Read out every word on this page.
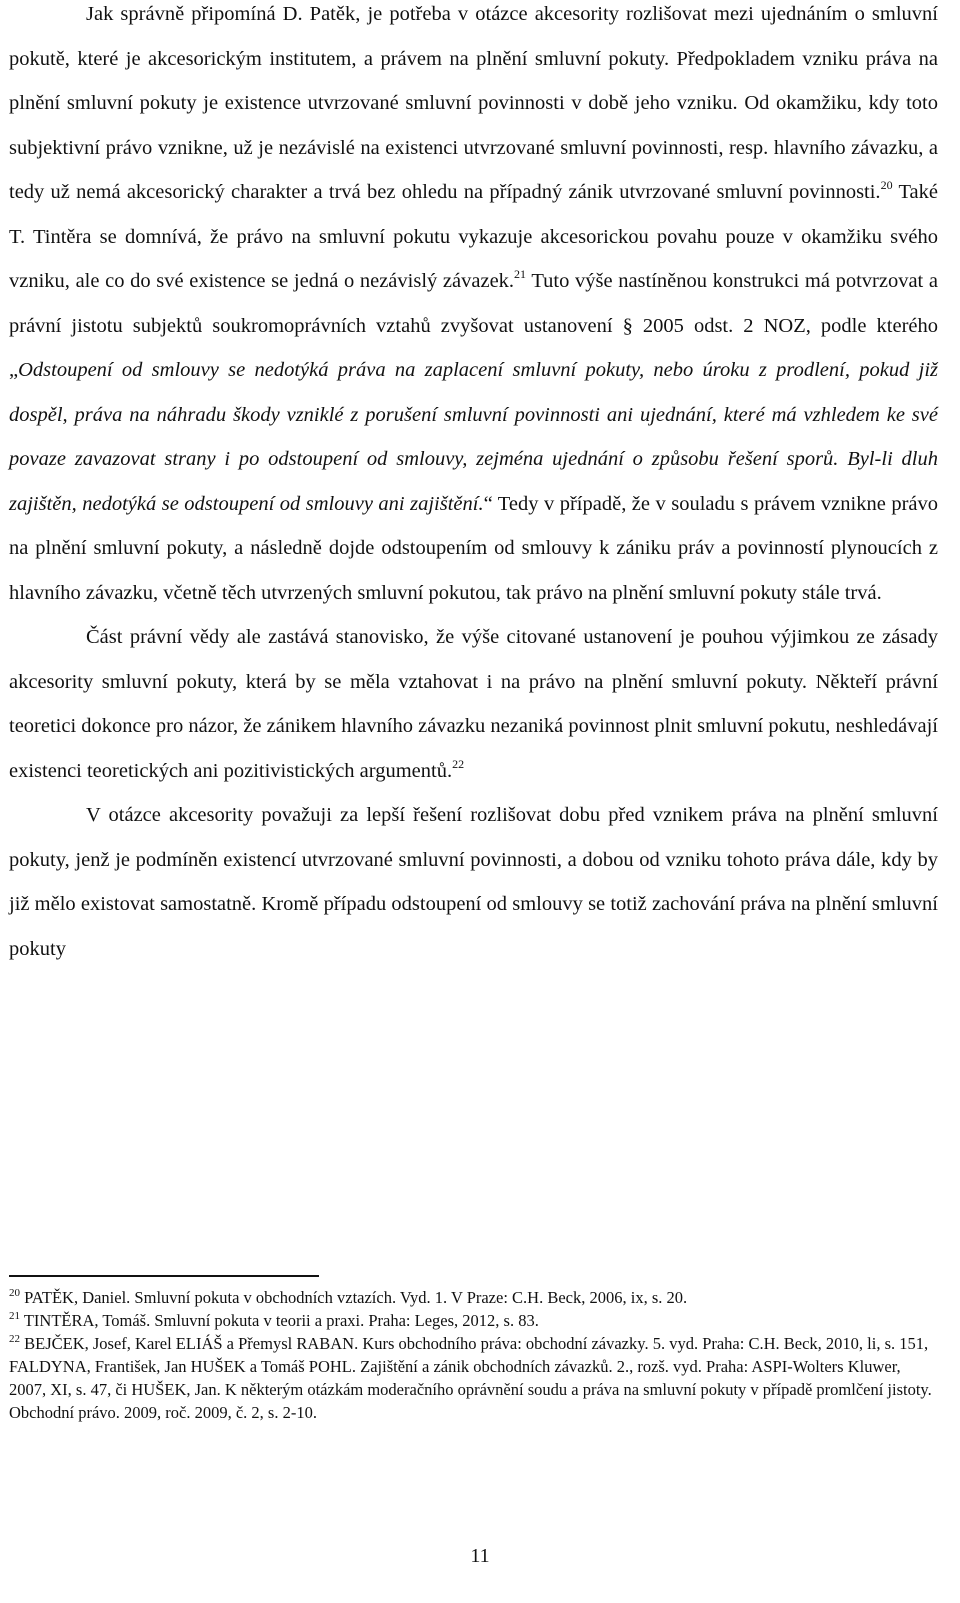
Jak správně připomíná D. Patěk, je potřeba v otázce akcesority rozlišovat mezi ujednáním o smluvní pokutě, které je akcesorickým institutem, a právem na plnění smluvní pokuty. Předpokladem vzniku práva na plnění smluvní pokuty je existence utvrzované smluvní povinnosti v době jeho vzniku. Od okamžiku, kdy toto subjektivní právo vznikne, už je nezávislé na existenci utvrzované smluvní povinnosti, resp. hlavního závazku, a tedy už nemá akcesorický charakter a trvá bez ohledu na případný zánik utvrzované smluvní povinnosti.$^{20}$ Také T. Tintěra se domnívá, že právo na smluvní pokutu vykazuje akcesorickou povahu pouze v okamžiku svého vzniku, ale co do své existence se jedná o nezávislý závazek.$^{21}$ Tuto výše nastíněnou konstrukci má potvrzovat a právní jistotu subjektů soukromoprávních vztahů zvyšovat ustanovení § 2005 odst. 2 NOZ, podle kterého „Odstoupení od smlouvy se nedotýká práva na zaplacení smluvní pokuty, nebo úroku z prodlení, pokud již dospěl, práva na náhradu škody vzniklé z porušení smluvní povinnosti ani ujednání, které má vzhledem ke své povaze zavazovat strany i po odstoupení od smlouvy, zejména ujednání o způsobu řešení sporů. Byl-li dluh zajištěn, nedotýká se odstoupení od smlouvy ani zajištění.“ Tedy v případě, že v souladu s právem vznikne právo na plnění smluvní pokuty, a následně dojde odstoupením od smlouvy k zániku práv a povinností plynoucích z hlavního závazku, včetně těch utvrzených smluvní pokutou, tak právo na plnění smluvní pokuty stále trvá.

Část právní vědy ale zastává stanovisko, že výše citované ustanovení je pouhou výjimkou ze zásady akcesority smluvní pokuty, která by se měla vztahovat i na právo na plnění smluvní pokuty. Někteří právní teoretici dokonce pro názor, že zánikem hlavního závazku nezaniká povinnost plnit smluvní pokutu, neshledávají existenci teoretických ani pozitivistických argumentů.$^{22}$

V otázce akcesority považuji za lepší řešení rozlišovat dobu před vznikem práva na plnění smluvní pokuty, jenž je podmíněn existencí utvrzované smluvní povinnosti, a dobou od vzniku tohoto práva dále, kdy by již mělo existovat samostatně. Kromě případu odstoupení od smlouvy se totiž zachování práva na plnění smluvní pokuty

$^{20}$ PATĚK, Daniel. Smluvní pokuta v obchodních vztazích. Vyd. 1. V Praze: C.H. Beck, 2006, ix, s. 20.

$^{21}$ TINTĚRA, Tomáš. Smluvní pokuta v teorii a praxi. Praha: Leges, 2012, s. 83.

$^{22}$ BEJČEK, Josef, Karel ELIÁŠ a Přemysl RABAN. Kurs obchodního práva: obchodní závazky. 5. vyd. Praha: C.H. Beck, 2010, li, s. 151, FALDYNA, František, Jan HUŠEK a Tomáš POHL. Zajištění a zánik obchodních závazků. 2., rozš. vyd. Praha: ASPI-Wolters Kluwer, 2007, XI, s. 47, či HUŠEK, Jan. K některým otázkám moderačního oprávnění soudu a práva na smluvní pokuty v případě promlčení jistoty. Obchodní právo. 2009, roč. 2009, č. 2, s. 2-10.

11
